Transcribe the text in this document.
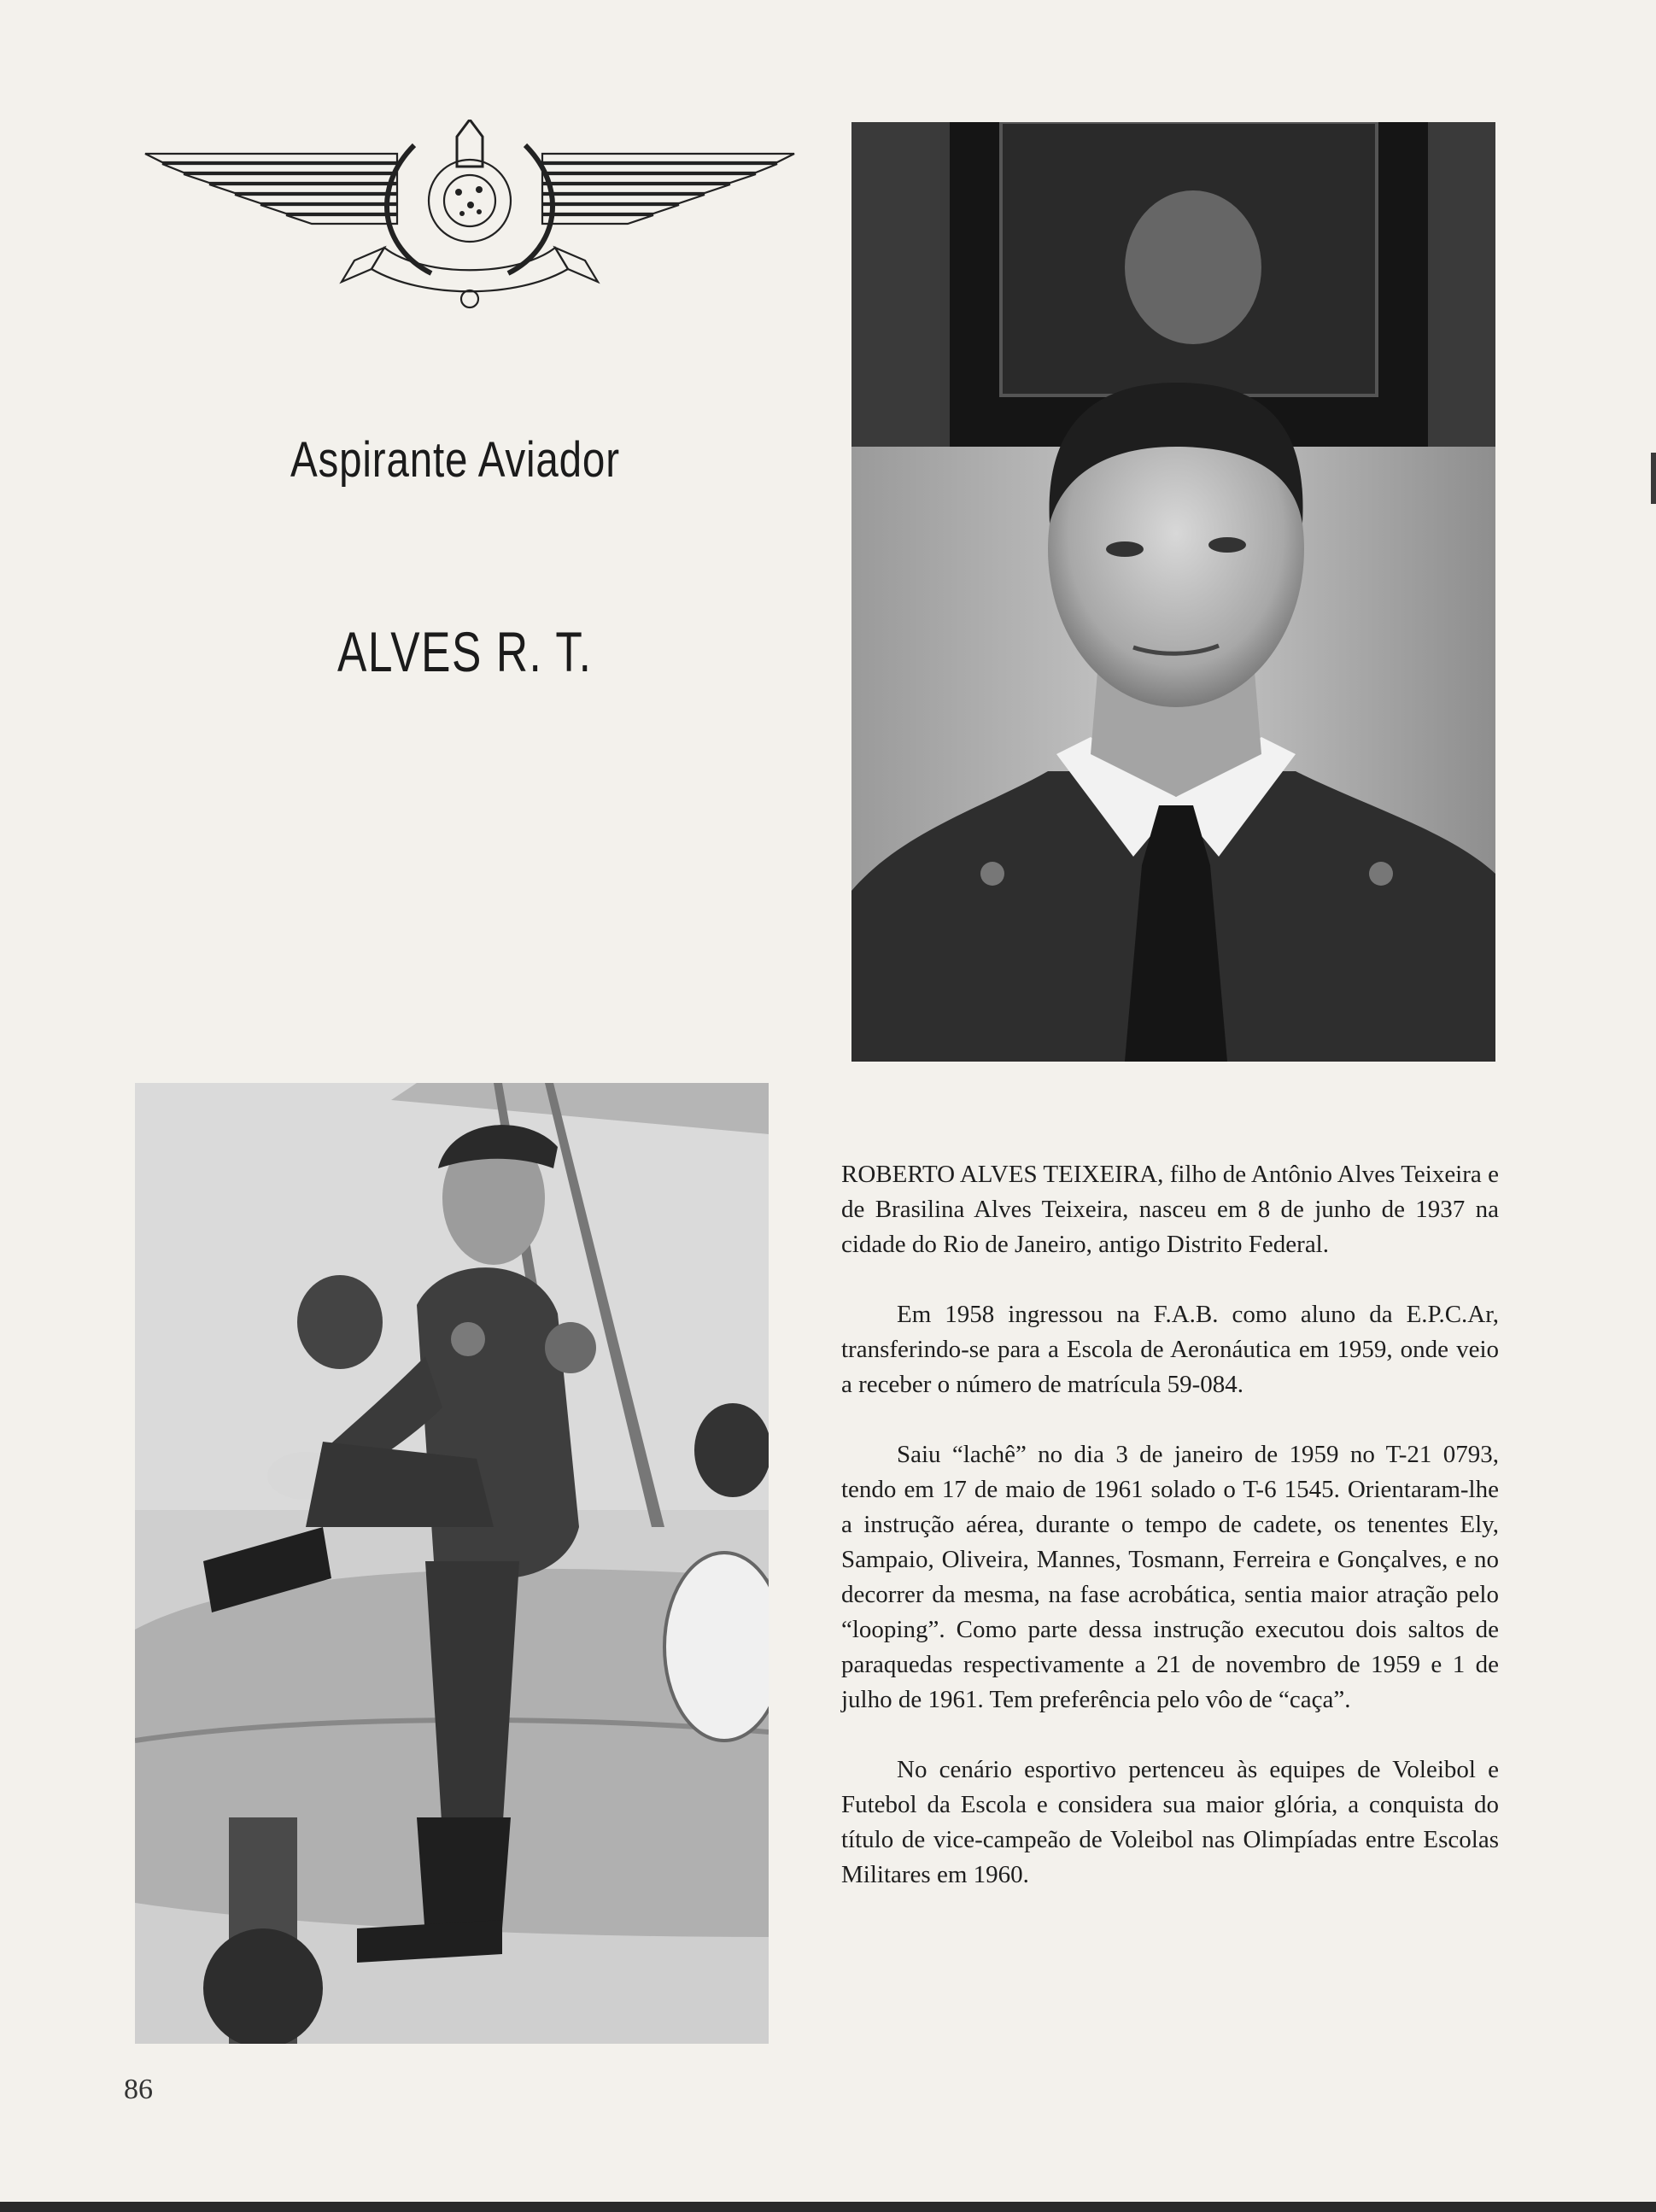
Aspirante Aviador
ALVES R. T.

ROBERTO ALVES TEIXEIRA, filho de Antônio Alves Teixeira e de Brasilina Alves Teixeira, nasceu em 8 de junho de 1937 na cidade do Rio de Janeiro, antigo Distrito Federal.

Em 1958 ingressou na F.A.B. como aluno da E.P.C.Ar, transferindo-se para a Escola de Aeronáutica em 1959, onde veio a receber o número de matrícula 59-084.

Saiu “lachê” no dia 3 de janeiro de 1959 no T-21 0793, tendo em 17 de maio de 1961 solado o T-6 1545. Orientaram-lhe a instrução aérea, durante o tempo de cadete, os tenentes Ely, Sampaio, Oliveira, Mannes, Tosmann, Ferreira e Gonçalves, e no decorrer da mesma, na fase acrobática, sentia maior atração pelo “looping”. Como parte dessa instrução executou dois saltos de paraquedas respectivamente a 21 de novembro de 1959 e 1 de julho de 1961. Tem preferência pelo vôo de “caça”.

No cenário esportivo pertenceu às equipes de Voleibol e Futebol da Escola e considera sua maior glória, a conquista do título de vice-campeão de Voleibol nas Olimpíadas entre Escolas Militares em 1960.

86
